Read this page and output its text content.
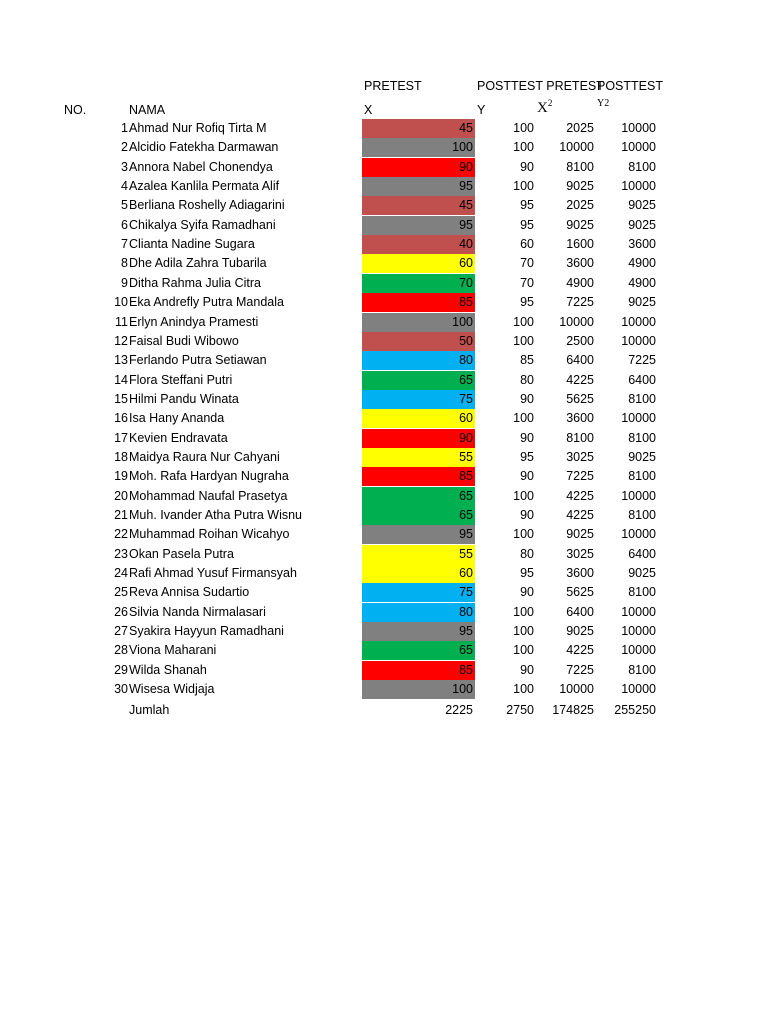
PRETEST	POSTTEST PRETEST
POSTTEST
NO.	NAMA	X	Y	$X^2$	Y2
1 Ahmad Nur Rofiq Tirta M	45	100	2025	10000
2 Alcidio Fatekha Darmawan	100	100	10000	10000
3 Annora Nabel Chonendya	90	90	8100	8100
4 Azalea Kanlila Permata Alif	95	100	9025	10000
5 Berliana Roshelly Adiagarini	45	95	2025	9025
6 Chikalya Syifa Ramadhani	95	95	9025	9025
7 Clianta Nadine Sugara	40	60	1600	3600
8 Dhe Adila Zahra Tubarila	60	70	3600	4900
9 Ditha Rahma Julia Citra	70	70	4900	4900
10 Eka Andrefly Putra Mandala	85	95	7225	9025
11 Erlyn Anindya Pramesti	100	100	10000	10000
12 Faisal Budi Wibowo	50	100	2500	10000
13 Ferlando Putra Setiawan	80	85	6400	7225
14 Flora Steffani Putri	65	80	4225	6400
15 Hilmi Pandu Winata	75	90	5625	8100
16 Isa Hany Ananda	60	100	3600	10000
17 Kevien Endravata	90	90	8100	8100
18 Maidya Raura Nur Cahyani	55	95	3025	9025
19 Moh. Rafa Hardyan Nugraha	85	90	7225	8100
20 Mohammad Naufal Prasetya	65	100	4225	10000
21 Muh. Ivander Atha Putra Wisnu	65	90	4225	8100
22 Muhammad Roihan Wicahyo	95	100	9025	10000
23 Okan Pasela Putra	55	80	3025	6400
24 Rafi Ahmad Yusuf Firmansyah	60	95	3600	9025
25 Reva Annisa Sudartio	75	90	5625	8100
26 Silvia Nanda Nirmalasari	80	100	6400	10000
27 Syakira Hayyun Ramadhani	95	100	9025	10000
28 Viona Maharani	65	100	4225	10000
29 Wilda Shanah	85	90	7225	8100
30 Wisesa Widjaja	100	100	10000	10000
Jumlah	2225	2750	174825	255250
